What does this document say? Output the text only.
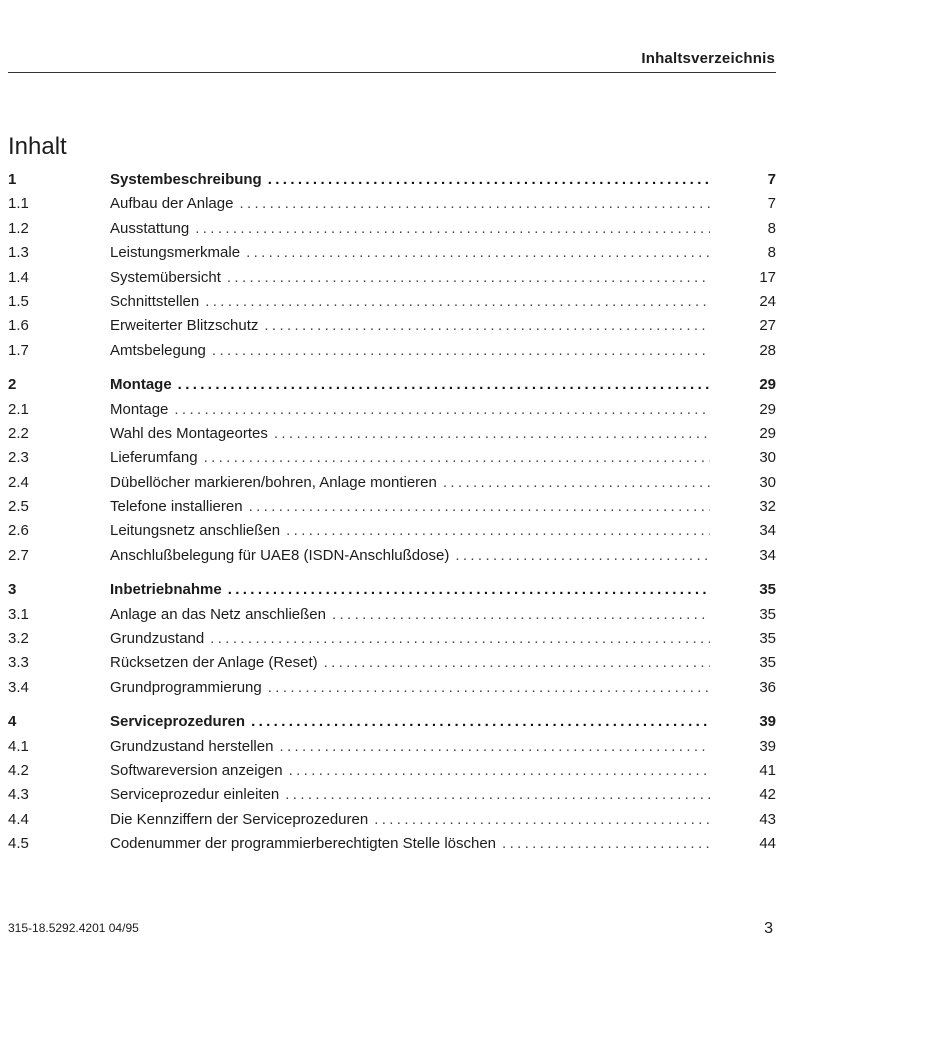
Inhaltsverzeichnis
Inhalt
1	Systembeschreibung . . .	7
1.1	Aufbau der Anlage . . .	7
1.2	Ausstattung . . .	8
1.3	Leistungsmerkmale . . .	8
1.4	Systemübersicht . . .	17
1.5	Schnittstellen . . .	24
1.6	Erweiterter Blitzschutz . . .	27
1.7	Amtsbelegung . . .	28
2	Montage . . .	29
2.1	Montage . . .	29
2.2	Wahl des Montageortes . . .	29
2.3	Lieferumfang . . .	30
2.4	Dübellöcher markieren/bohren, Anlage montieren . . .	30
2.5	Telefone installieren . . .	32
2.6	Leitungsnetz anschließen . . .	34
2.7	Anschlußbelegung für UAE8 (ISDN-Anschlußdose) . . .	34
3	Inbetriebnahme . . .	35
3.1	Anlage an das Netz anschließen . . .	35
3.2	Grundzustand . . .	35
3.3	Rücksetzen der Anlage (Reset) . . .	35
3.4	Grundprogrammierung . . .	36
4	Serviceprozeduren . . .	39
4.1	Grundzustand herstellen . . .	39
4.2	Softwareversion anzeigen . . .	41
4.3	Serviceprozedur einleiten . . .	42
4.4	Die Kennziffern der Serviceprozeduren . . .	43
4.5	Codenummer der programmierberechtigten Stelle löschen . . .	44
315-18.5292.4201 04/95	3
